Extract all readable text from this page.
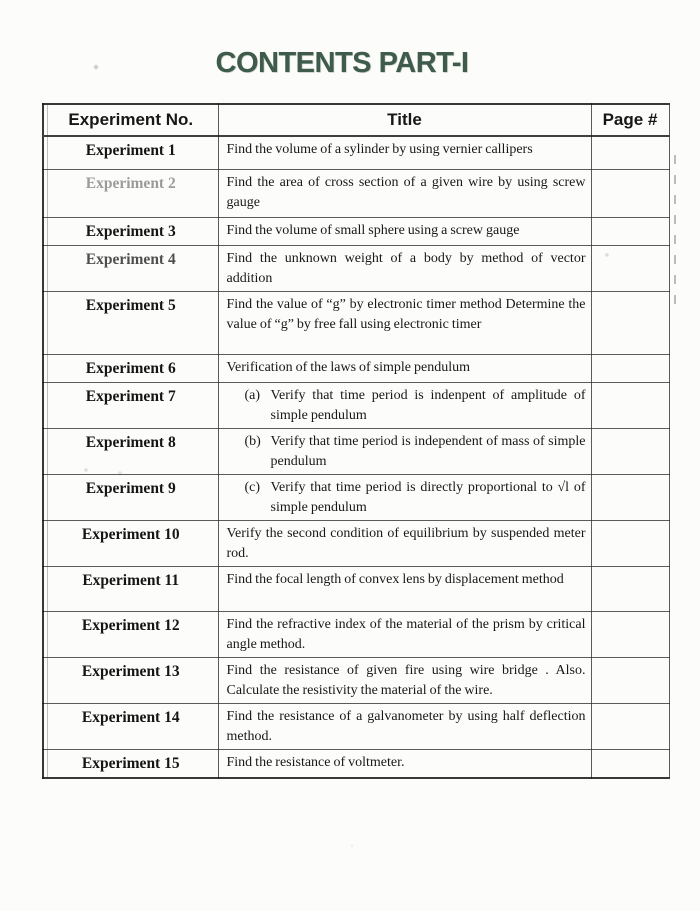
CONTENTS PART-I
Experiment No.	Title	Page #
Experiment 1	Find the volume of a sylinder by using vernier callipers	

Experiment 2	Find the area of cross section of a given wire by using screw gauge	

Experiment 3	Find the volume of small sphere using a screw gauge	

Experiment 4	Find the unknown weight of a body by method of vector addition	

Experiment 5	Find the value of “g” by electronic timer method Determine the value of “g” by free fall using electronic timer	

Experiment 6	Verification of the laws of simple pendulum	

Experiment 7	(a) Verify that time period is indenpent of amplitude of simple pendulum	

Experiment 8	(b) Verify that time period is independent of mass of simple pendulum	

Experiment 9	(c) Verify that time period is directly proportional to √l of simple pendulum	

Experiment 10	Verify the second condition of equilibrium by suspended meter rod.	

Experiment 11	Find the focal length of convex lens by displacement method	

Experiment 12	Find the refractive index of the material of the prism by critical angle method.	

Experiment 13	Find the resistance of given fire using wire bridge . Also. Calculate the resistivity the material of the wire.	

Experiment 14	Find the resistance of a galvanometer by using half deflection method.	

Experiment 15	Find the resistance of voltmeter.	
